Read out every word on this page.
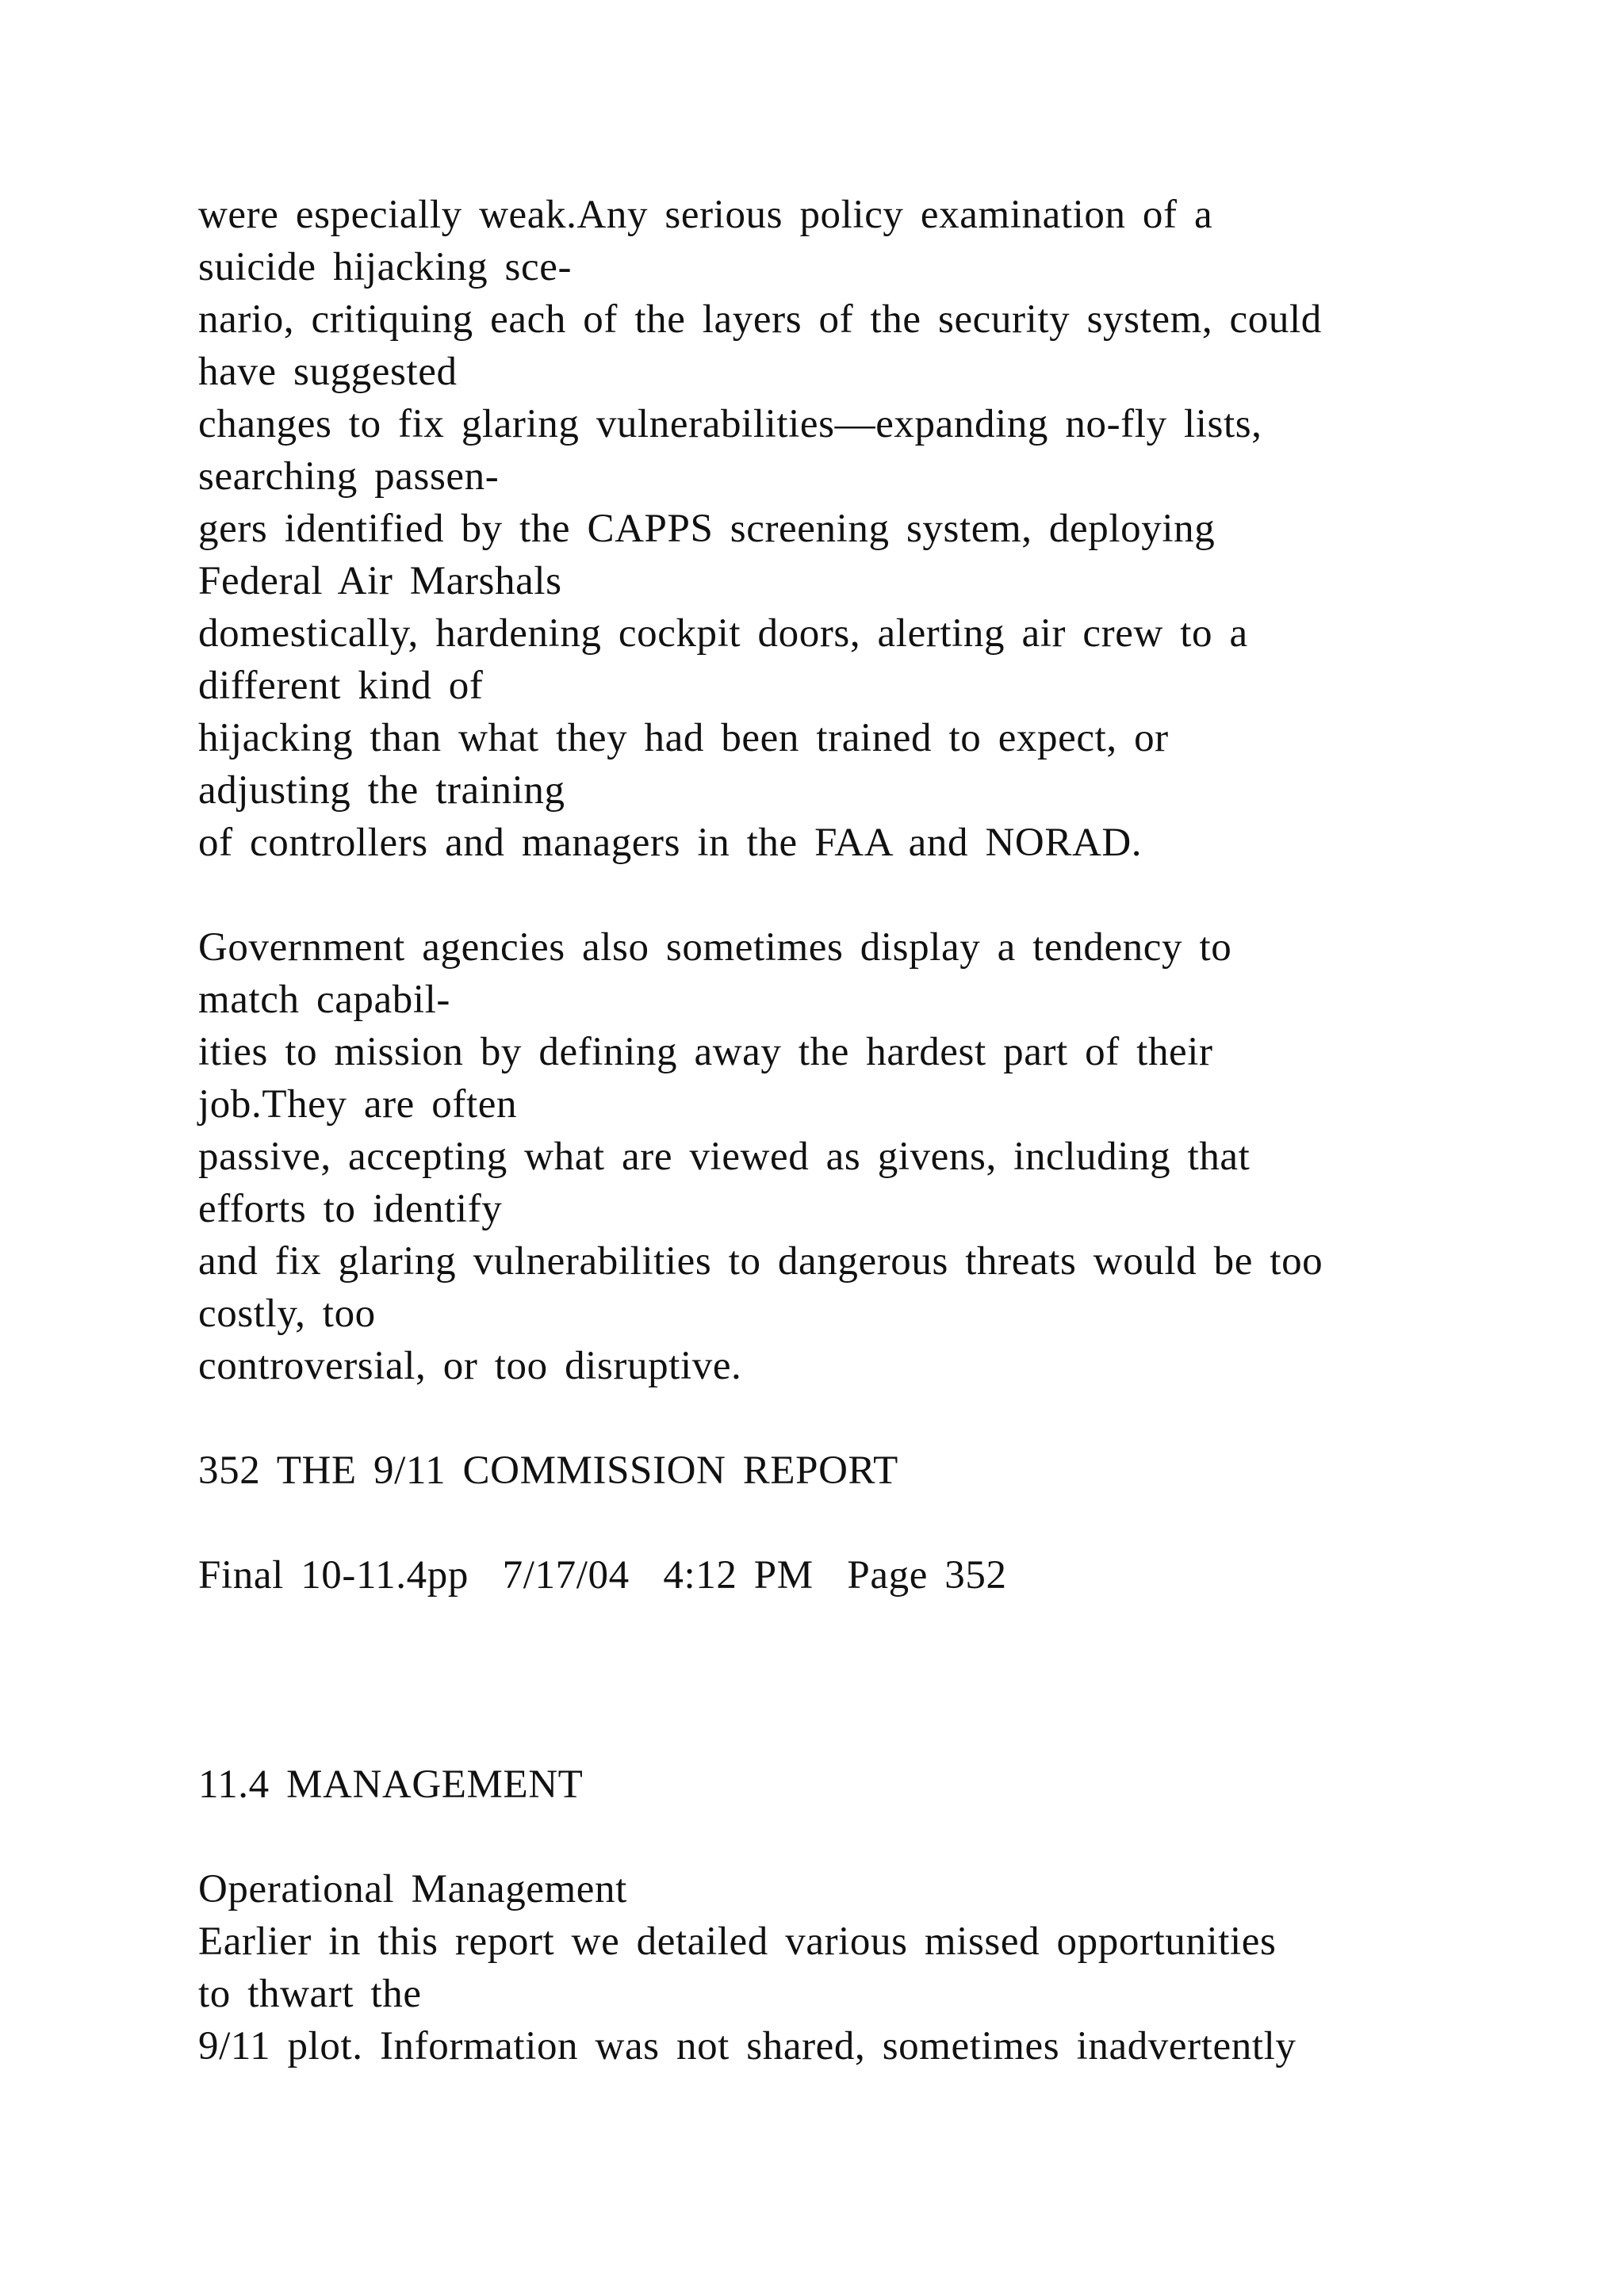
were especially weak.Any serious policy examination of a
suicide hijacking sce-
nario, critiquing each of the layers of the security system, could
have suggested
changes to fix glaring vulnerabilities—expanding no-fly lists,
searching passen-
gers identified by the CAPPS screening system, deploying
Federal Air Marshals
domestically, hardening cockpit doors, alerting air crew to a
different kind of
hijacking than what they had been trained to expect, or
adjusting the training
of controllers and managers in the FAA and NORAD.
Government agencies also sometimes display a tendency to
match capabil-
ities to mission by defining away the hardest part of their
job.They are often
passive, accepting what are viewed as givens, including that
efforts to identify
and fix glaring vulnerabilities to dangerous threats would be too
costly, too
controversial, or too disruptive.
352 THE 9/11 COMMISSION REPORT
Final 10-11.4pp  7/17/04  4:12 PM  Page 352
11.4 MANAGEMENT
Operational Management
Earlier in this report we detailed various missed opportunities
to thwart the
9/11 plot. Information was not shared, sometimes inadvertently
